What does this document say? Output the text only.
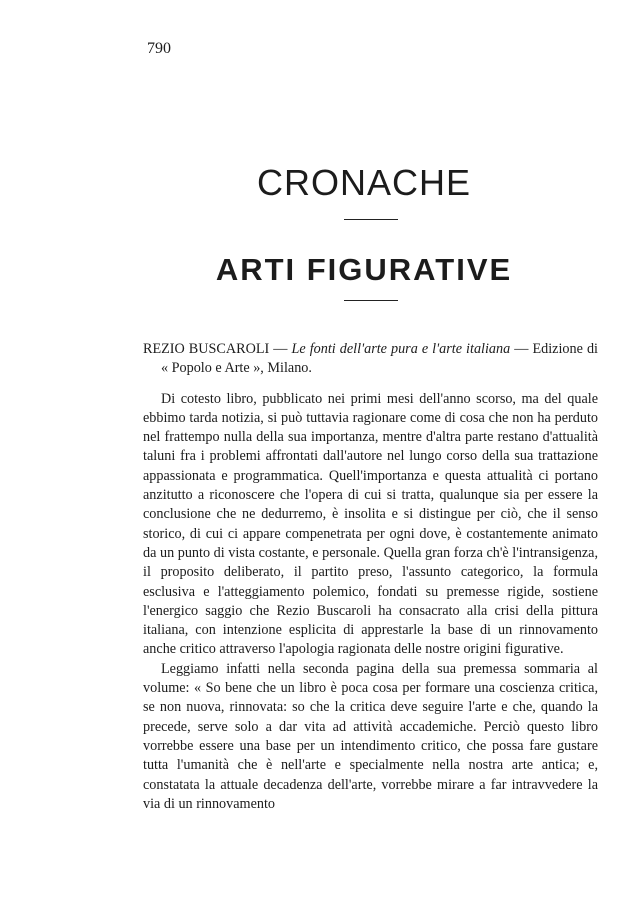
790
CRONACHE
ARTI FIGURATIVE

REZIO BUSCAROLI — Le fonti dell'arte pura e l'arte italiana — Edizione di « Popolo e Arte », Milano.

Di cotesto libro, pubblicato nei primi mesi dell'anno scorso, ma del quale ebbimo tarda notizia, si può tuttavia ragionare come di cosa che non ha perduto nel frattempo nulla della sua importanza, mentre d'altra parte restano d'attualità taluni fra i problemi affrontati dall'autore nel lungo corso della sua trattazione appassionata e programmatica. Quell'importanza e questa attualità ci portano anzitutto a riconoscere che l'opera di cui si tratta, qualunque sia per essere la conclusione che ne dedurremo, è insolita e si distingue per ciò, che il senso storico, di cui ci appare compenetrata per ogni dove, è costantemente animato da un punto di vista costante, e personale. Quella gran forza ch'è l'intransigenza, il proposito deliberato, il partito preso, l'assunto categorico, la formula esclusiva e l'atteggiamento polemico, fondati su premesse rigide, sostiene l'energico saggio che Rezio Buscaroli ha consacrato alla crisi della pittura italiana, con intenzione esplicita di apprestarle la base di un rinnovamento anche critico attraverso l'apologia ragionata delle nostre origini figurative.

Leggiamo infatti nella seconda pagina della sua premessa sommaria al volume: « So bene che un libro è poca cosa per formare una coscienza critica, se non nuova, rinnovata: so che la critica deve seguire l'arte e che, quando la precede, serve solo a dar vita ad attività accademiche. Perciò questo libro vorrebbe essere una base per un intendimento critico, che possa fare gustare tutta l'umanità che è nell'arte e specialmente nella nostra arte antica; e, constatata la attuale decadenza dell'arte, vorrebbe mirare a far intravvedere la via di un rinnovamento
